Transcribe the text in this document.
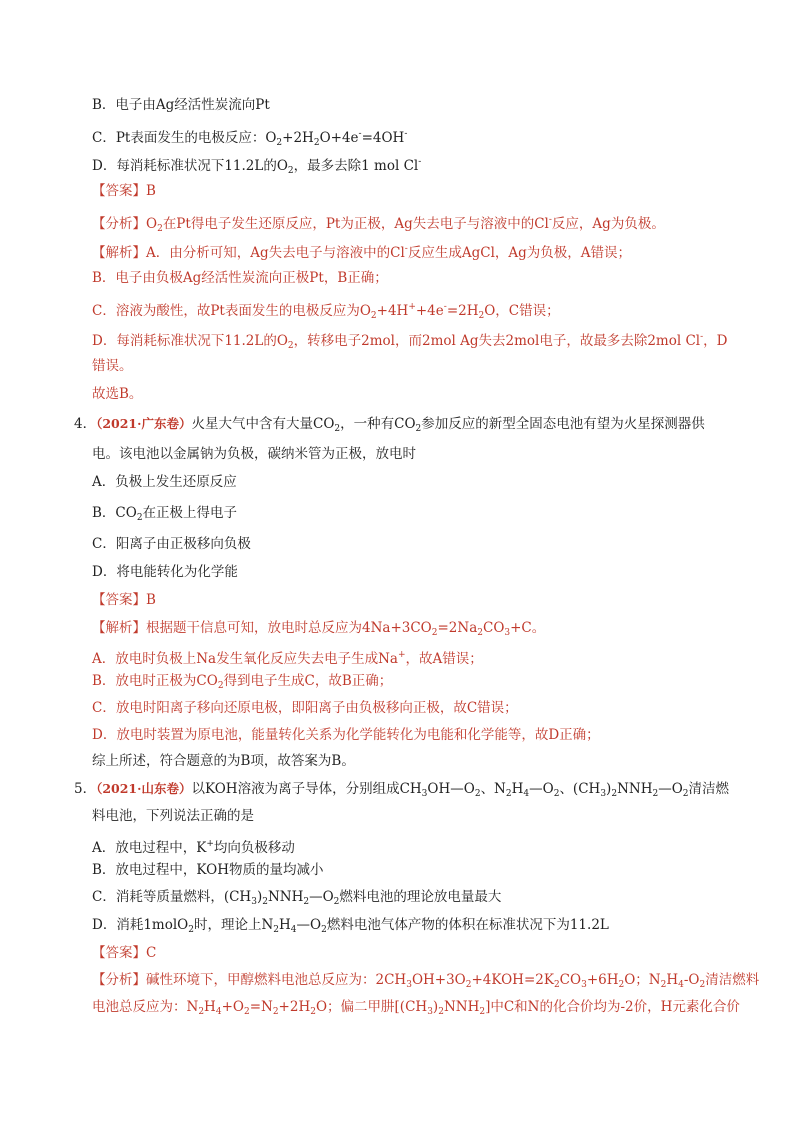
B．电子由Ag经活性炭流向Pt
C．Pt表面发生的电极反应：$O_2+2H_2O+4e^-=4OH^-$
D．每消耗标准状况下11.2L的$O_2$，最多去除1 mol Cl-
【答案】B
【分析】$O_2$在Pt得电子发生还原反应，Pt为正极，Ag失去电子与溶液中的Cl-反应，Ag为负极。
【解析】A．由分析可知，Ag失去电子与溶液中的Cl-反应生成AgCl，Ag为负极，A错误；
B．电子由负极Ag经活性炭流向正极Pt，B正确；
C．溶液为酸性，故Pt表面发生的电极反应为$O_2+4H^++4e^-=2H_2O$，C错误；
D．每消耗标准状况下11.2L的$O_2$，转移电子2mol，而2mol Ag失去2mol电子，故最多去除2mol Cl-，D
错误。
故选B。
4．（2021·广东卷）火星大气中含有大量$CO_2$，一种有$CO_2$参加反应的新型全固态电池有望为火星探测器供
电。该电池以金属钠为负极，碳纳米管为正极，放电时
A．负极上发生还原反应
B．$CO_2$在正极上得电子
C．阳离子由正极移向负极
D．将电能转化为化学能
【答案】B
【解析】根据题干信息可知，放电时总反应为$4Na+3CO_2=2Na_2CO_3+C$。
A．放电时负极上Na发生氧化反应失去电子生成Na+，故A错误；
B．放电时正极为$CO_2$得到电子生成C，故B正确；
C．放电时阳离子移向还原电极，即阳离子由负极移向正极，故C错误；
D．放电时装置为原电池，能量转化关系为化学能转化为电能和化学能等，故D正确；
综上所述，符合题意的为B项，故答案为B。
5．（2021·山东卷）以KOH溶液为离子导体，分别组成$CH_3OH—O_2$、$N_2H_4—O_2$、$(CH_3)_2NNH_2—O_2$清洁燃
料电池，下列说法正确的是
A．放电过程中，K+均向负极移动
B．放电过程中，KOH物质的量均减小
C．消耗等质量燃料，$(CH_3)_2NNH_2—O_2$燃料电池的理论放电量最大
D．消耗1molO$_2$时，理论上$N_2H_4—O_2$燃料电池气体产物的体积在标准状况下为11.2L
【答案】C
【分析】碱性环境下，甲醇燃料电池总反应为：$2CH_3OH+3O_2+4KOH=2K_2CO_3+6H_2O$；$N_2H_4-O_2$清洁燃料
电池总反应为：$N_2H_4+O_2=N_2+2H_2O$；偏二甲肼$[(CH_3)_2NNH_2]$中C和N的化合价均为-2价，H元素化合价
